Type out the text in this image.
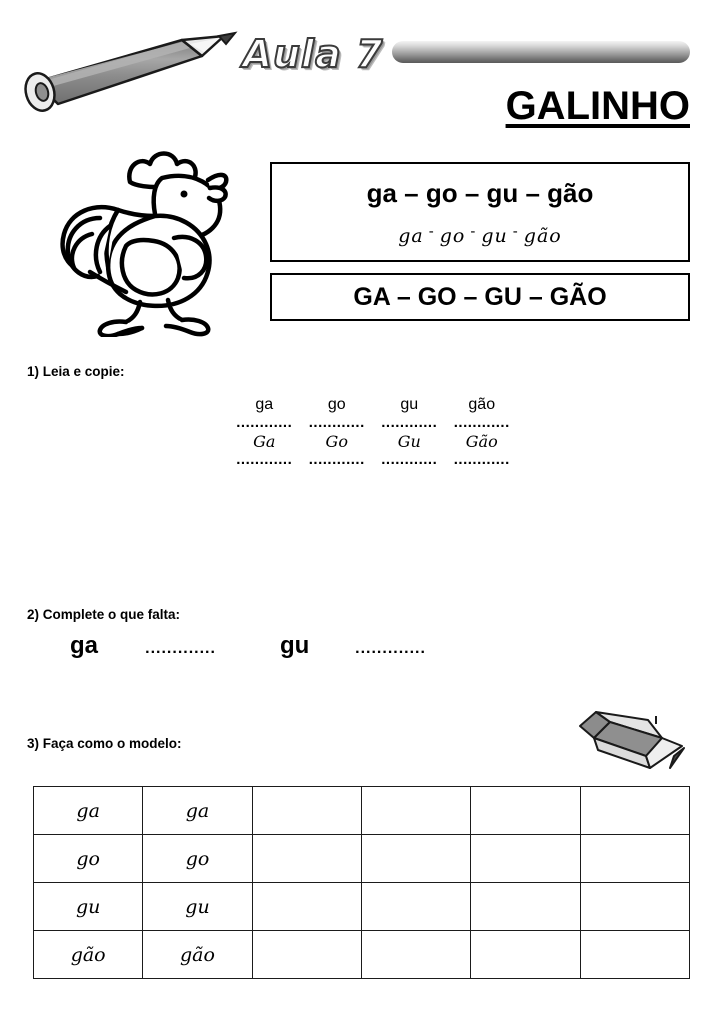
Aula 7
GALINHO
ga – go – gu – gão
ga - go - gu - gão
GA – GO – GU – GÃO
1) Leia e copie:
ga	go	gu	gão
............	............	............	............
Ga	Go	Gu	Gão
............	............	............	............
2) Complete o que falta:
ga	.............	gu	.............
3) Faça como o modelo:
ga	ga				
go	go				
gu	gu				
gão	gão				
